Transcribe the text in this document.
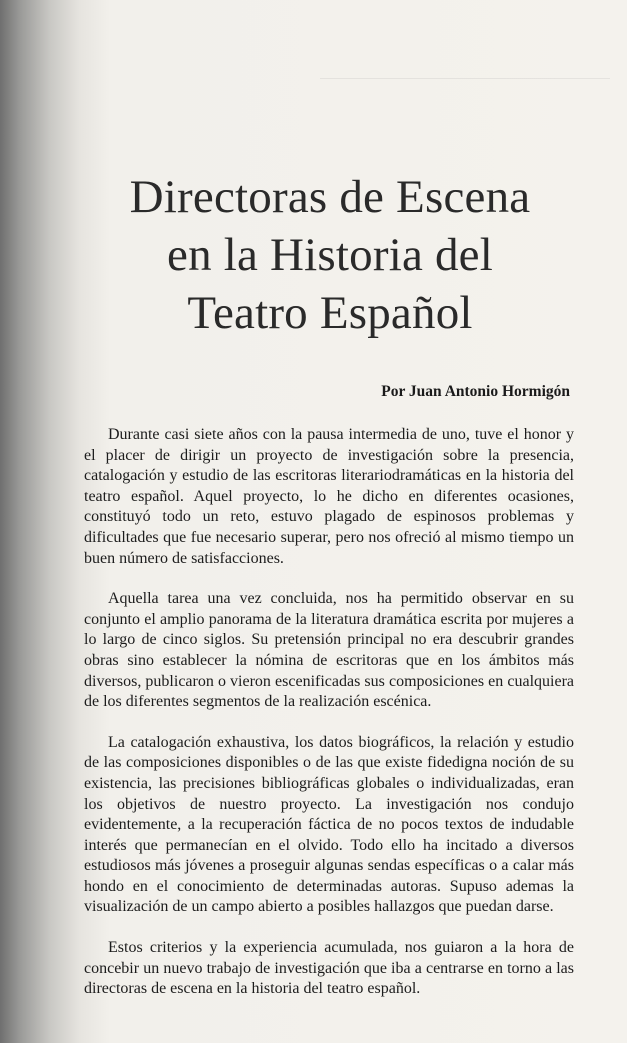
Directoras de Escena
en la Historia del
Teatro Español

Por Juan Antonio Hormigón

Durante casi siete años con la pausa intermedia de uno, tuve el honor y el placer de dirigir un proyecto de investigación sobre la presencia, catalogación y estudio de las escritoras literariodramáticas en la historia del teatro español. Aquel proyecto, lo he dicho en diferentes ocasiones, constituyó todo un reto, estuvo plagado de espinosos problemas y dificultades que fue necesario superar, pero nos ofreció al mismo tiempo un buen número de satisfacciones.

Aquella tarea una vez concluida, nos ha permitido observar en su conjunto el amplio panorama de la literatura dramática escrita por mujeres a lo largo de cinco siglos. Su pretensión principal no era descubrir grandes obras sino establecer la nómina de escritoras que en los ámbitos más diversos, publicaron o vieron escenificadas sus composiciones en cualquiera de los diferentes segmentos de la realización escénica.

La catalogación exhaustiva, los datos biográficos, la relación y estudio de las composiciones disponibles o de las que existe fidedigna noción de su existencia, las precisiones bibliográficas globales o individualizadas, eran los objetivos de nuestro proyecto. La investigación nos condujo evidentemente, a la recuperación fáctica de no pocos textos de indudable interés que permanecían en el olvido. Todo ello ha incitado a diversos estudiosos más jóvenes a proseguir algunas sendas específicas o a calar más hondo en el conocimiento de determinadas autoras. Supuso ademas la visualización de un campo abierto a posibles hallazgos que puedan darse.

Estos criterios y la experiencia acumulada, nos guiaron a la hora de concebir un nuevo trabajo de investigación que iba a centrarse en torno a las directoras de escena en la historia del teatro español.
